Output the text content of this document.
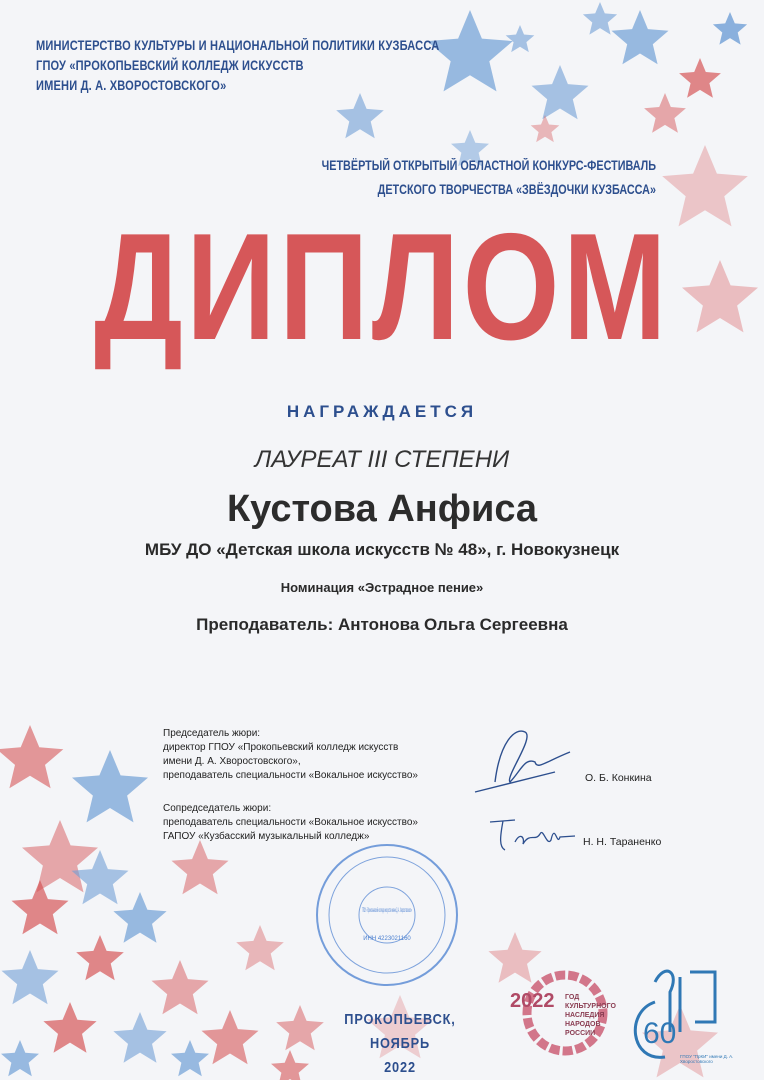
МИНИСТЕРСТВО КУЛЬТУРЫ И НАЦИОНАЛЬНОЙ ПОЛИТИКИ КУЗБАССА
ГПОУ «ПРОКОПЬЕВСКИЙ КОЛЛЕДЖ ИСКУССТВ
ИМЕНИ Д. А. ХВОРОСТОВСКОГО»
ЧЕТВЁРТЫЙ ОТКРЫТЫЙ ОБЛАСТНОЙ КОНКУРС-ФЕСТИВАЛЬ
ДЕТСКОГО ТВОРЧЕСТВА «ЗВЁЗДОЧКИ КУЗБАССА»
ДИПЛОМ
НАГРАЖДАЕТСЯ
ЛАУРЕАТ III СТЕПЕНИ
Кустова Анфиса
МБУ ДО «Детская школа искусств № 48», г. Новокузнецк
Номинация «Эстрадное пение»
Преподаватель: Антонова Ольга Сергеевна
Председатель жюри:
директор ГПОУ «Прокопьевский колледж искусств
имени Д. А. Хворостовского»,
преподаватель специальности «Вокальное искусство»	О. Б. Конкина
Сопредседатель жюри:
преподаватель специальности «Вокальное искусство»
ГАПОУ «Кузбасский музыкальный колледж»	Н. Н. Тараненко
ГПОУ «Прокопьевский колледж искусств имени Д. А. Хворостовского»
ИНН 4223021160
ПРОКОПЬЕВСК, НОЯБРЬ
2022
2022 ГОД
КУЛЬТУРНОГО
НАСЛЕДИЯ
НАРОДОВ
РОССИИ	60
ГПОУ "ПрКИ" имени Д. А. Хворостовского
